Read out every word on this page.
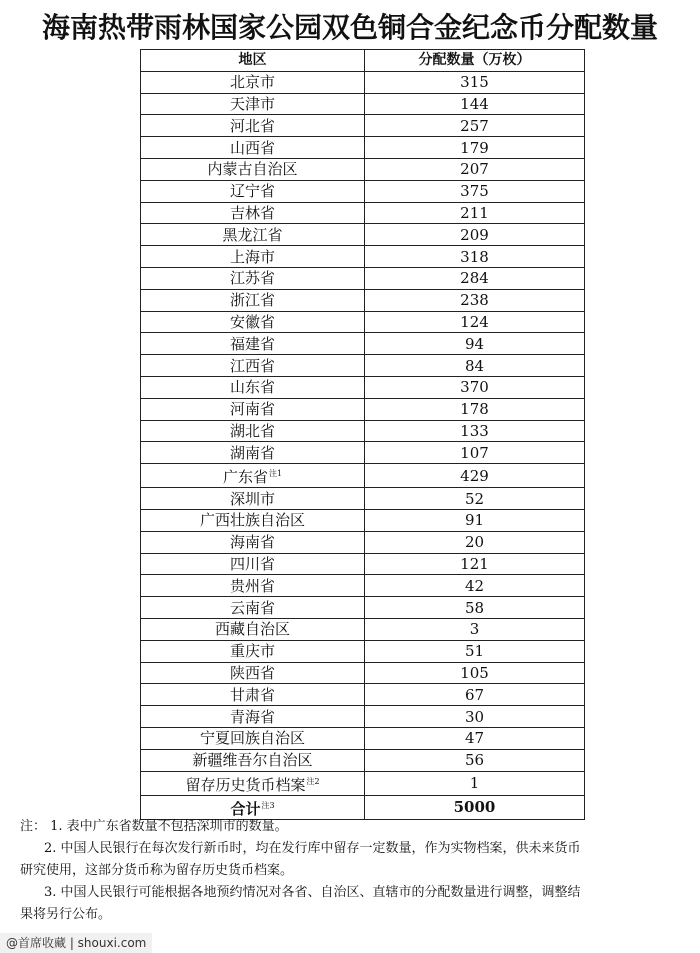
海南热带雨林国家公园双色铜合金纪念币分配数量
地区	分配数量（万枚）
北京市	315
天津市	144
河北省	257
山西省	179
内蒙古自治区	207
辽宁省	375
吉林省	211
黑龙江省	209
上海市	318
江苏省	284
浙江省	238
安徽省	124
福建省	94
江西省	84
山东省	370
河南省	178
湖北省	133
湖南省	107
广东省$^{注1}$	429
深圳市	52
广西壮族自治区	91
海南省	20
四川省	121
贵州省	42
云南省	58
西藏自治区	3
重庆市	51
陕西省	105
甘肃省	67
青海省	30
宁夏回族自治区	47
新疆维吾尔自治区	56
留存历史货币档案$^{注2}$	1
合计$^{注3}$	5000

注： 1. 表中广东省数量不包括深圳市的数量。

2. 中国人民银行在每次发行新币时，均在发行库中留存一定数量，作为实物档案，供未来货币

研究使用，这部分货币称为留存历史货币档案。

3. 中国人民银行可能根据各地预约情况对各省、自治区、直辖市的分配数量进行调整，调整结

果将另行公布。

@首席收藏 | shouxi.com
